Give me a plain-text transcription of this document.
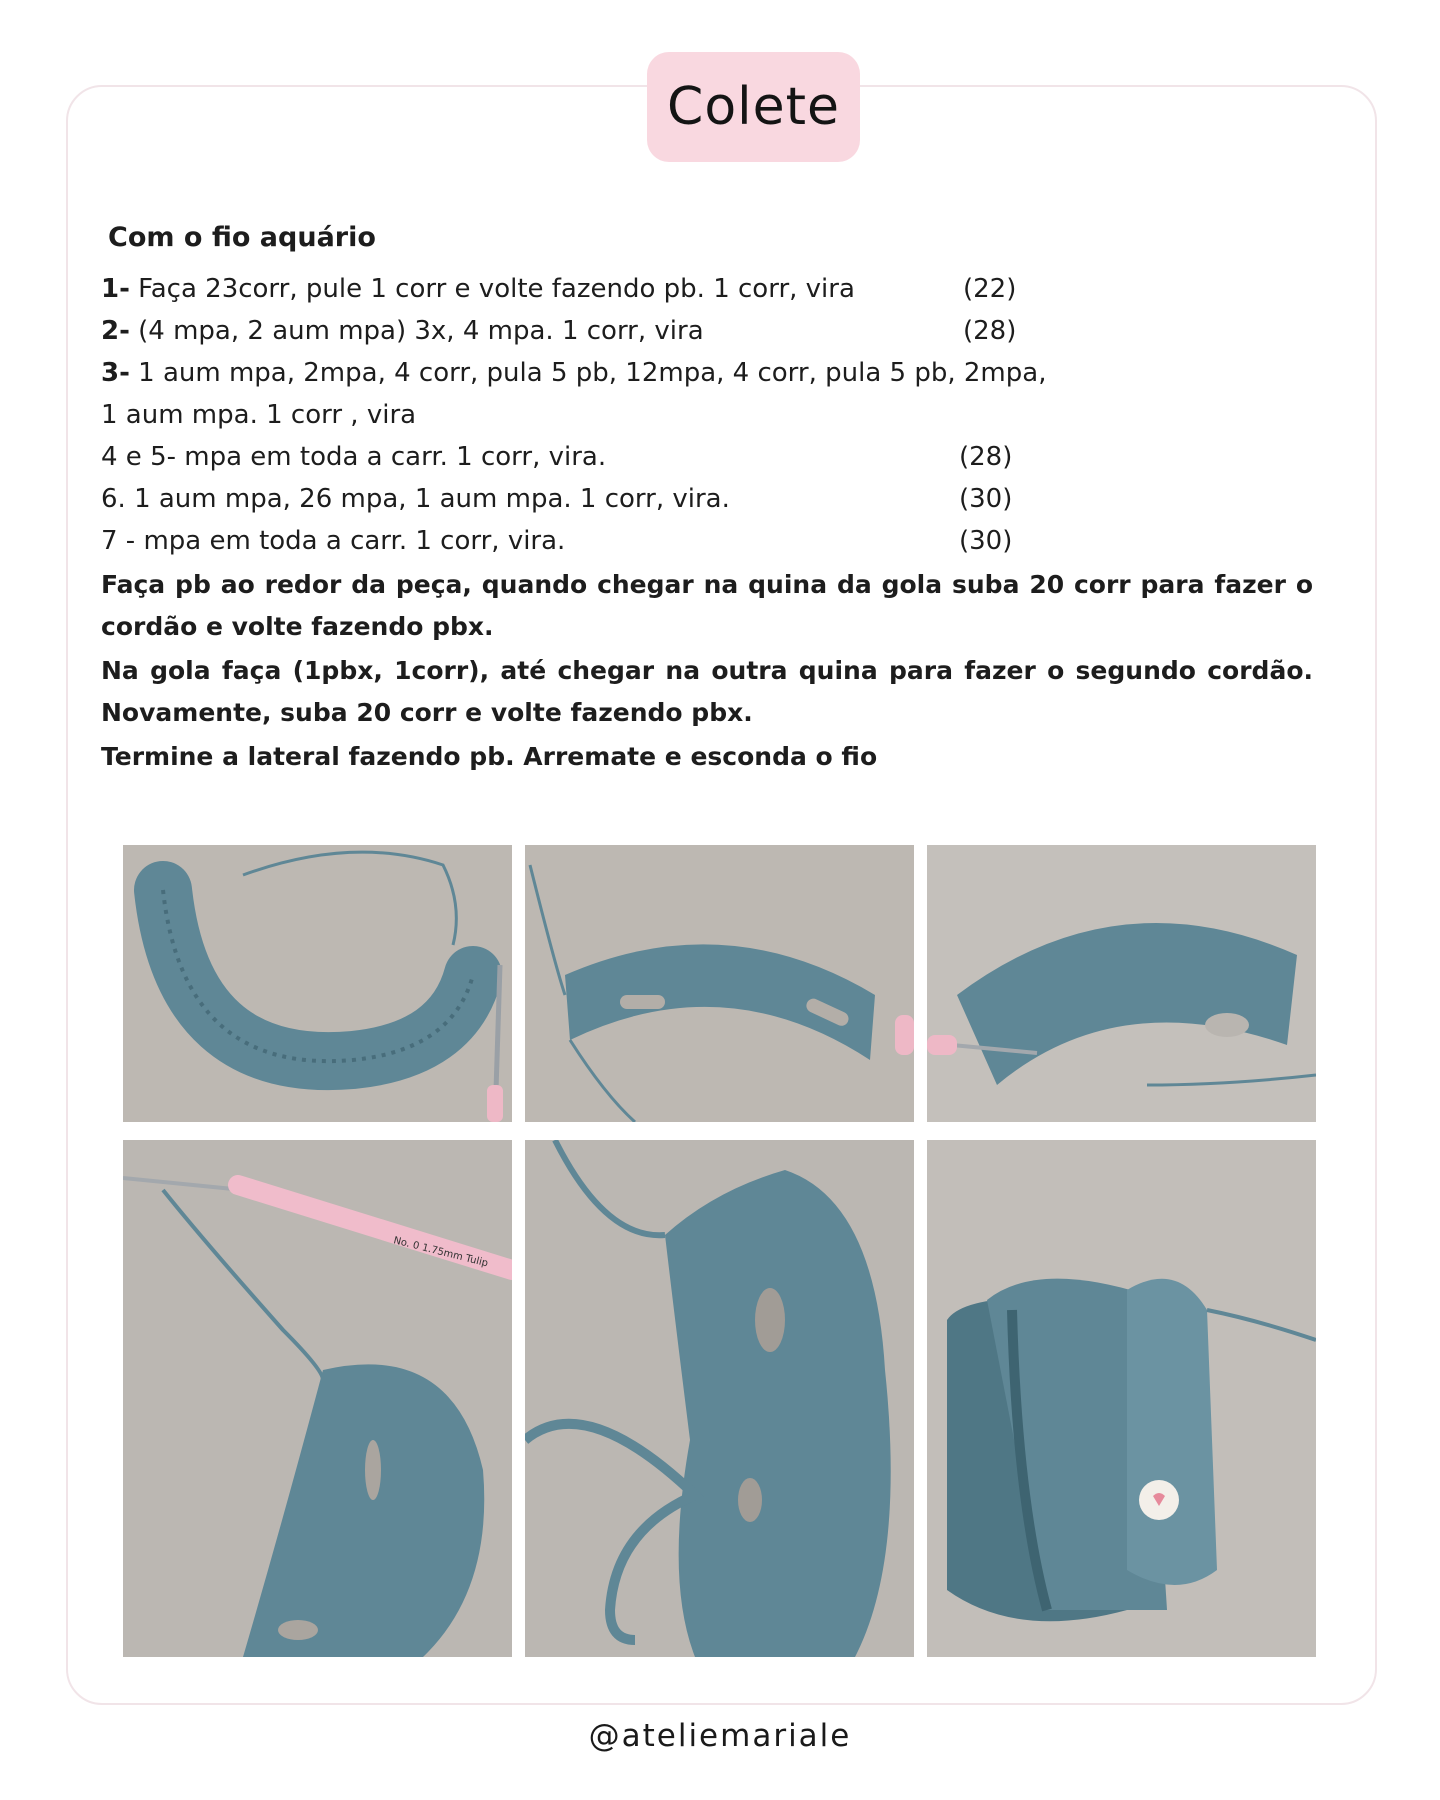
Colete
Com o fio aquário
1- Faça 23corr, pule 1 corr e volte fazendo pb. 1 corr, vira	(22)
2- (4 mpa, 2 aum mpa) 3x, 4 mpa. 1 corr, vira	(28)
3- 1 aum mpa, 2mpa, 4 corr, pula 5 pb, 12mpa, 4 corr, pula 5 pb, 2mpa,
1 aum mpa. 1 corr , vira
4 e 5- mpa em toda a carr. 1 corr, vira.	(28)
6. 1 aum mpa, 26 mpa, 1 aum mpa. 1 corr, vira.	(30)
7 - mpa em toda a carr. 1 corr, vira.	(30)
Faça pb ao redor da peça, quando chegar na quina da gola suba 20 corr para fazer o cordão e volte fazendo pbx.
Na gola faça (1pbx, 1corr), até chegar na outra quina para fazer o segundo cordão. Novamente, suba 20 corr e volte fazendo pbx.
Termine a lateral fazendo pb. Arremate e esconda o fio
No. 0 1.75mm Tulip
@ateliemariale
